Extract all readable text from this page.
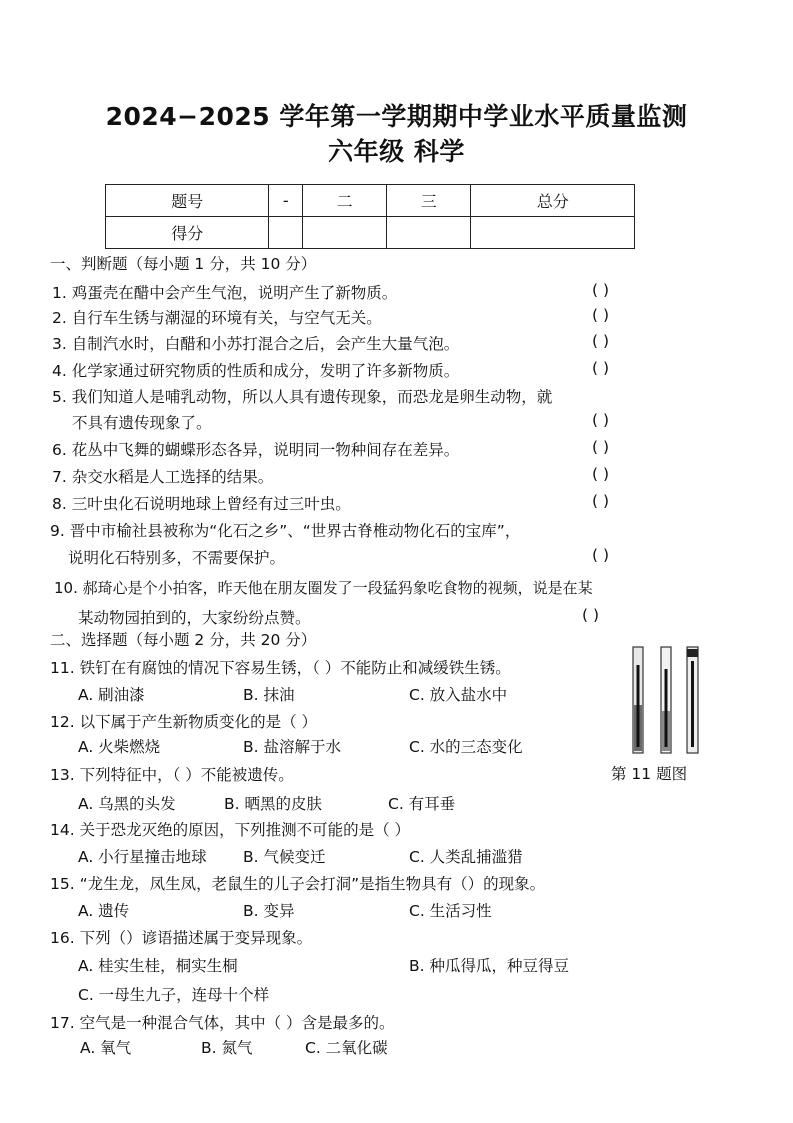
2024−2025 学年第一学期期中学业水平质量监测
六年级 科学
题号	-	二	三	总分
得分				
一、判断题（每小题 1 分，共 10 分）
1. 鸡蛋壳在醋中会产生气泡，说明产生了新物质。	( )
2. 自行车生锈与潮湿的环境有关，与空气无关。	( )
3. 自制汽水时，白醋和小苏打混合之后，会产生大量气泡。	( )
4. 化学家通过研究物质的性质和成分，发明了许多新物质。	( )
5. 我们知道人是哺乳动物，所以人具有遗传现象，而恐龙是卵生动物，就
不具有遗传现象了。	( )
6. 花丛中飞舞的蝴蝶形态各异，说明同一物种间存在差异。	( )
7. 杂交水稻是人工选择的结果。	( )
8. 三叶虫化石说明地球上曾经有过三叶虫。	( )
9. 晋中市榆社县被称为“化石之乡”、“世界古脊椎动物化石的宝库”，
说明化石特别多，不需要保护。	( )
10. 郝琦心是个小拍客，昨天他在朋友圈发了一段猛犸象吃食物的视频，说是在某
某动物园拍到的，大家纷纷点赞。	( )
二、选择题（每小题 2 分，共 20 分）
11. 铁钉在有腐蚀的情况下容易生锈，（ ）不能防止和减缓铁生锈。
A. 刷油漆	B. 抹油	C. 放入盐水中
12. 以下属于产生新物质变化的是（ ）
A. 火柴燃烧	B. 盐溶解于水	C. 水的三态变化
第 11 题图
13. 下列特征中，（ ）不能被遗传。
A. 乌黑的头发	B. 晒黑的皮肤	C. 有耳垂
14. 关于恐龙灭绝的原因，下列推测不可能的是（ ）
A. 小行星撞击地球 B. 气候变迁	C. 人类乱捕滥猎
15. “龙生龙，凤生凤，老鼠生的儿子会打洞”是指生物具有（）的现象。
A. 遗传	B. 变异	C. 生活习性
16. 下列（）谚语描述属于变异现象。
A. 桂实生桂，桐实生桐	B. 种瓜得瓜，种豆得豆
C. 一母生九子，连母十个样
17. 空气是一种混合气体，其中（ ）含是最多的。
A. 氧气	B. 氮气	C. 二氧化碳
